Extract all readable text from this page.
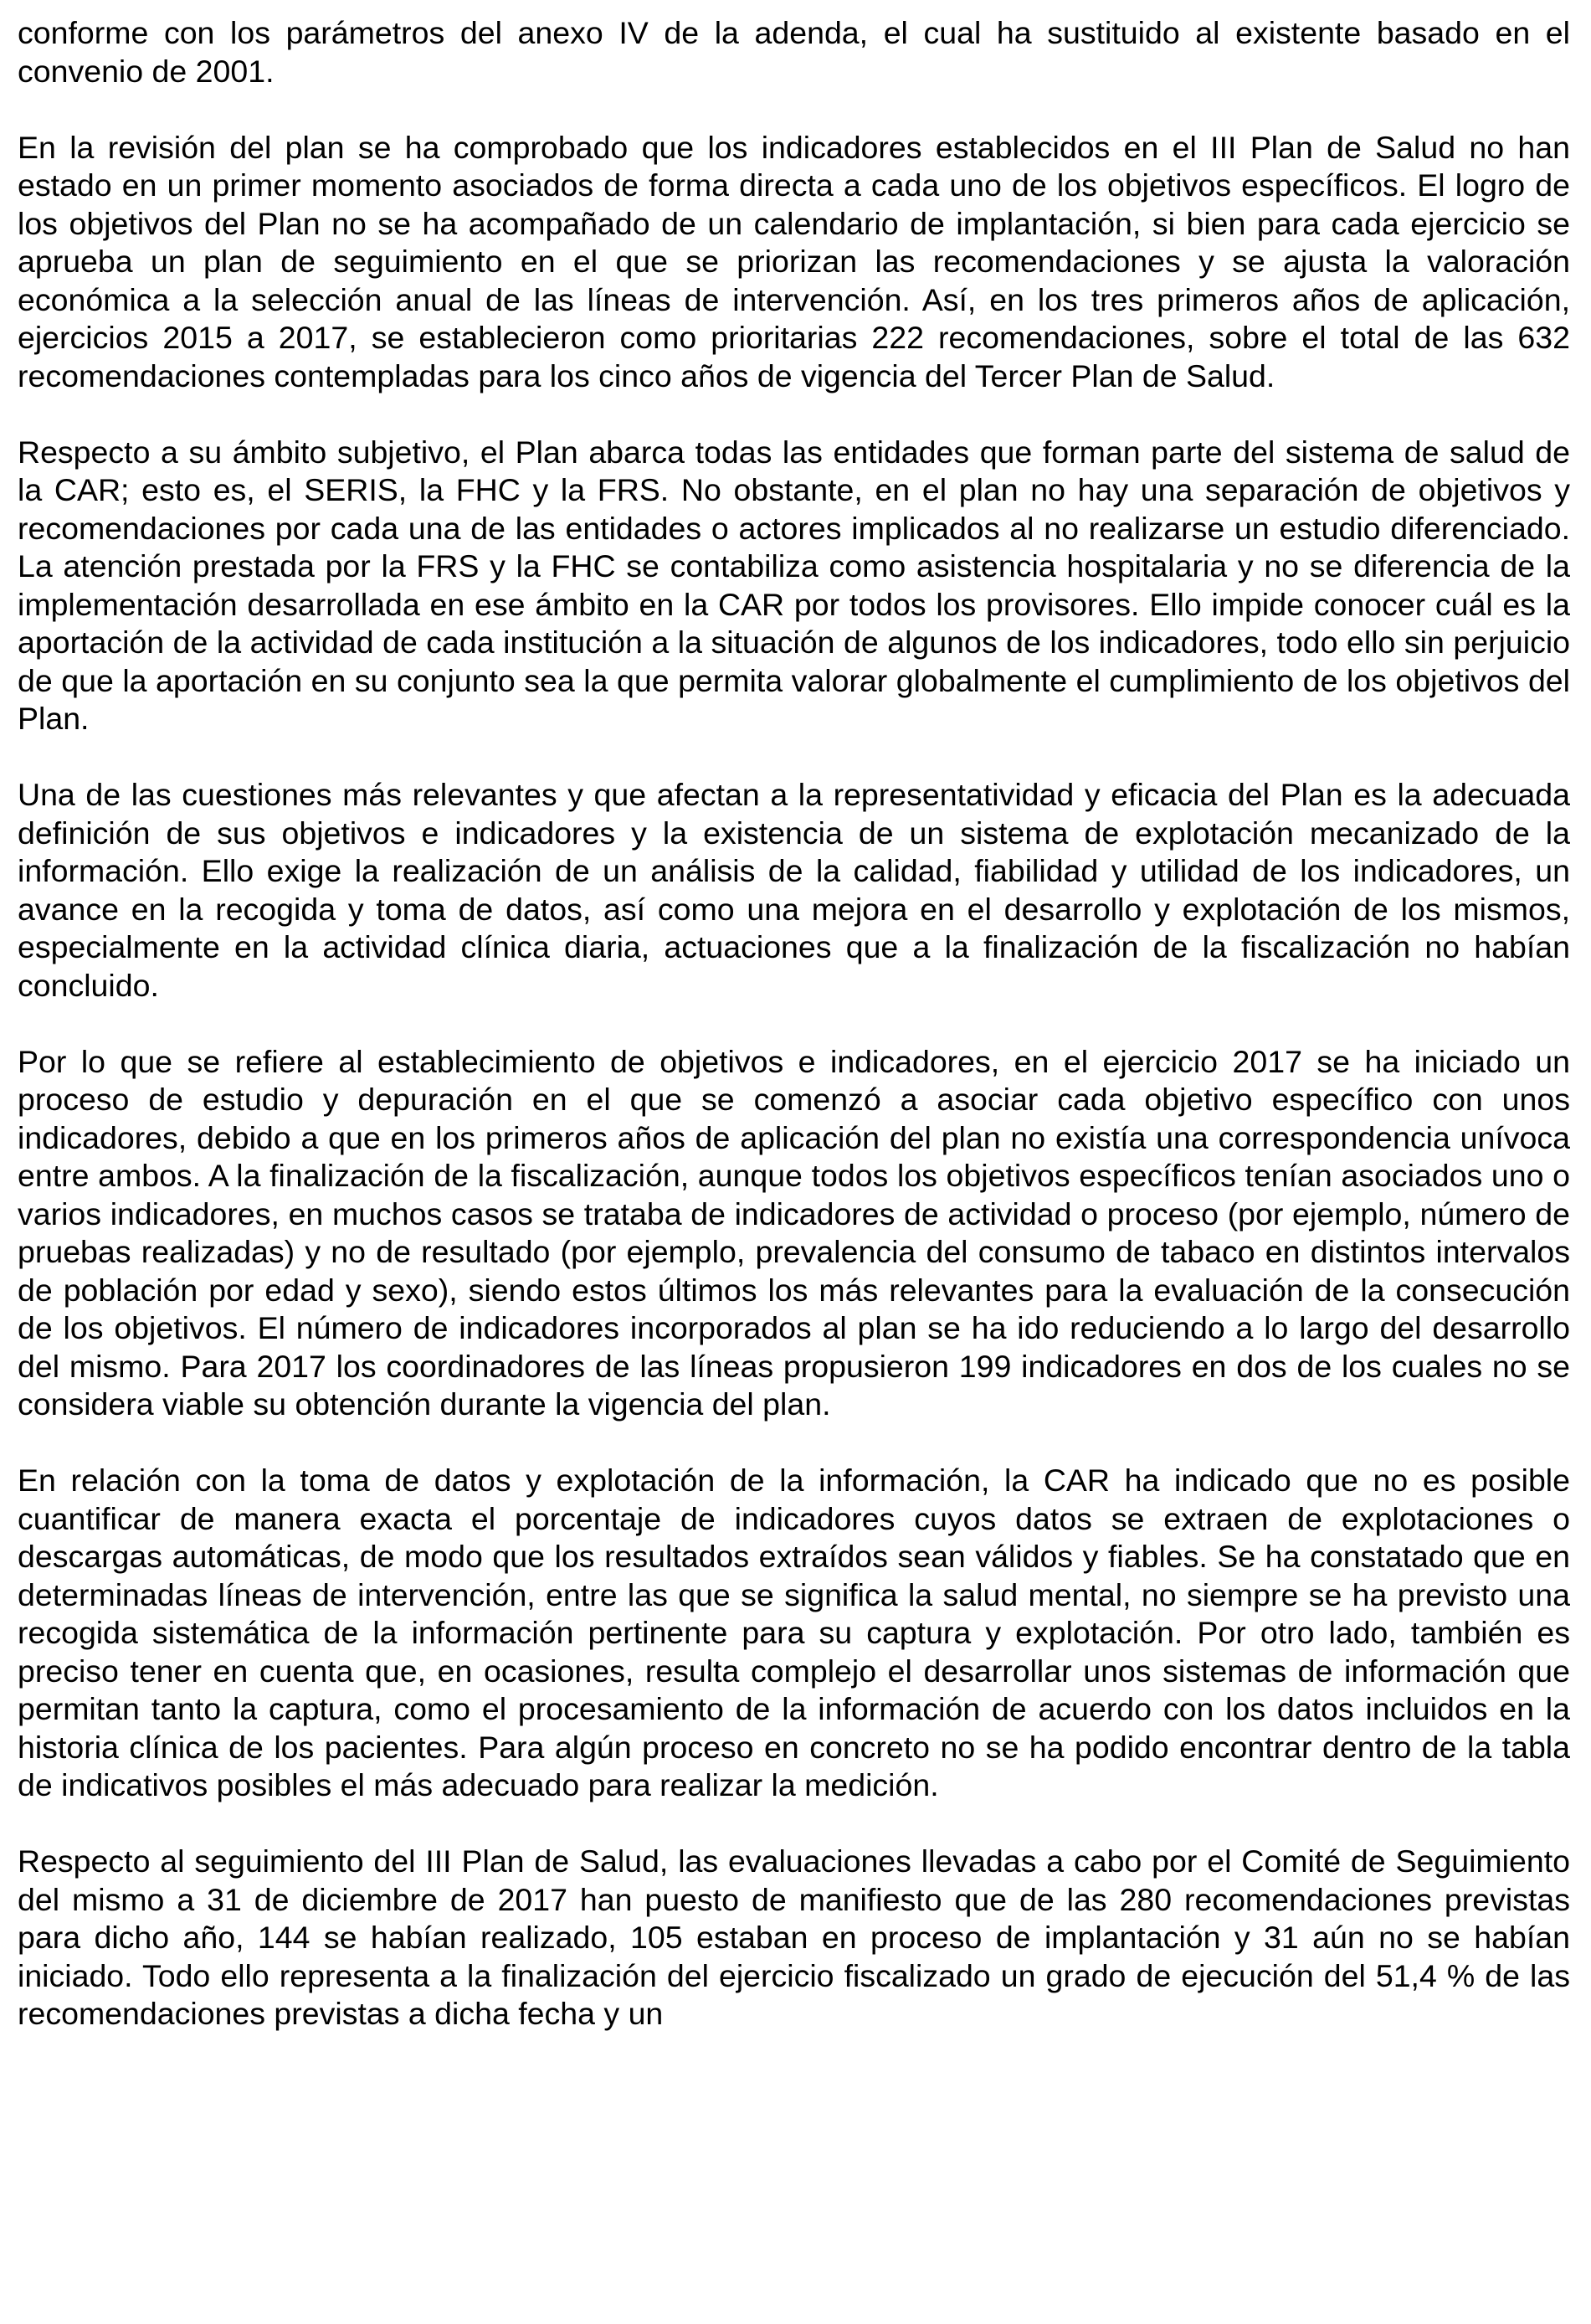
conforme con los parámetros del anexo IV de la adenda, el cual ha sustituido al existente basado en el convenio de 2001.

En la revisión del plan se ha comprobado que los indicadores establecidos en el III Plan de Salud no han estado en un primer momento asociados de forma directa a cada uno de los objetivos específicos. El logro de los objetivos del Plan no se ha acompañado de un calendario de implantación, si bien para cada ejercicio se aprueba un plan de seguimiento en el que se priorizan las recomendaciones y se ajusta la valoración económica a la selección anual de las líneas de intervención. Así, en los tres primeros años de aplicación, ejercicios 2015 a 2017, se establecieron como prioritarias 222 recomendaciones, sobre el total de las 632 recomendaciones contempladas para los cinco años de vigencia del Tercer Plan de Salud.

Respecto a su ámbito subjetivo, el Plan abarca todas las entidades que forman parte del sistema de salud de la CAR; esto es, el SERIS, la FHC y la FRS. No obstante, en el plan no hay una separación de objetivos y recomendaciones por cada una de las entidades o actores implicados al no realizarse un estudio diferenciado. La atención prestada por la FRS y la FHC se contabiliza como asistencia hospitalaria y no se diferencia de la implementación desarrollada en ese ámbito en la CAR por todos los provisores. Ello impide conocer cuál es la aportación de la actividad de cada institución a la situación de algunos de los indicadores, todo ello sin perjuicio de que la aportación en su conjunto sea la que permita valorar globalmente el cumplimiento de los objetivos del Plan.

Una de las cuestiones más relevantes y que afectan a la representatividad y eficacia del Plan es la adecuada definición de sus objetivos e indicadores y la existencia de un sistema de explotación mecanizado de la información. Ello exige la realización de un análisis de la calidad, fiabilidad y utilidad de los indicadores, un avance en la recogida y toma de datos, así como una mejora en el desarrollo y explotación de los mismos, especialmente en la actividad clínica diaria, actuaciones que a la finalización de la fiscalización no habían concluido.

Por lo que se refiere al establecimiento de objetivos e indicadores, en el ejercicio 2017 se ha iniciado un proceso de estudio y depuración en el que se comenzó a asociar cada objetivo específico con unos indicadores, debido a que en los primeros años de aplicación del plan no existía una correspondencia unívoca entre ambos. A la finalización de la fiscalización, aunque todos los objetivos específicos tenían asociados uno o varios indicadores, en muchos casos se trataba de indicadores de actividad o proceso (por ejemplo, número de pruebas realizadas) y no de resultado (por ejemplo, prevalencia del consumo de tabaco en distintos intervalos de población por edad y sexo), siendo estos últimos los más relevantes para la evaluación de la consecución de los objetivos. El número de indicadores incorporados al plan se ha ido reduciendo a lo largo del desarrollo del mismo. Para 2017 los coordinadores de las líneas propusieron 199 indicadores en dos de los cuales no se considera viable su obtención durante la vigencia del plan.

En relación con la toma de datos y explotación de la información, la CAR ha indicado que no es posible cuantificar de manera exacta el porcentaje de indicadores cuyos datos se extraen de explotaciones o descargas automáticas, de modo que los resultados extraídos sean válidos y fiables. Se ha constatado que en determinadas líneas de intervención, entre las que se significa la salud mental, no siempre se ha previsto una recogida sistemática de la información pertinente para su captura y explotación. Por otro lado, también es preciso tener en cuenta que, en ocasiones, resulta complejo el desarrollar unos sistemas de información que permitan tanto la captura, como el procesamiento de la información de acuerdo con los datos incluidos en la historia clínica de los pacientes. Para algún proceso en concreto no se ha podido encontrar dentro de la tabla de indicativos posibles el más adecuado para realizar la medición.

Respecto al seguimiento del III Plan de Salud, las evaluaciones llevadas a cabo por el Comité de Seguimiento del mismo a 31 de diciembre de 2017 han puesto de manifiesto que de las 280 recomendaciones previstas para dicho año, 144 se habían realizado, 105 estaban en proceso de implantación y 31 aún no se habían iniciado. Todo ello representa a la finalización del ejercicio fiscalizado un grado de ejecución del 51,4 % de las recomendaciones previstas a dicha fecha y un
